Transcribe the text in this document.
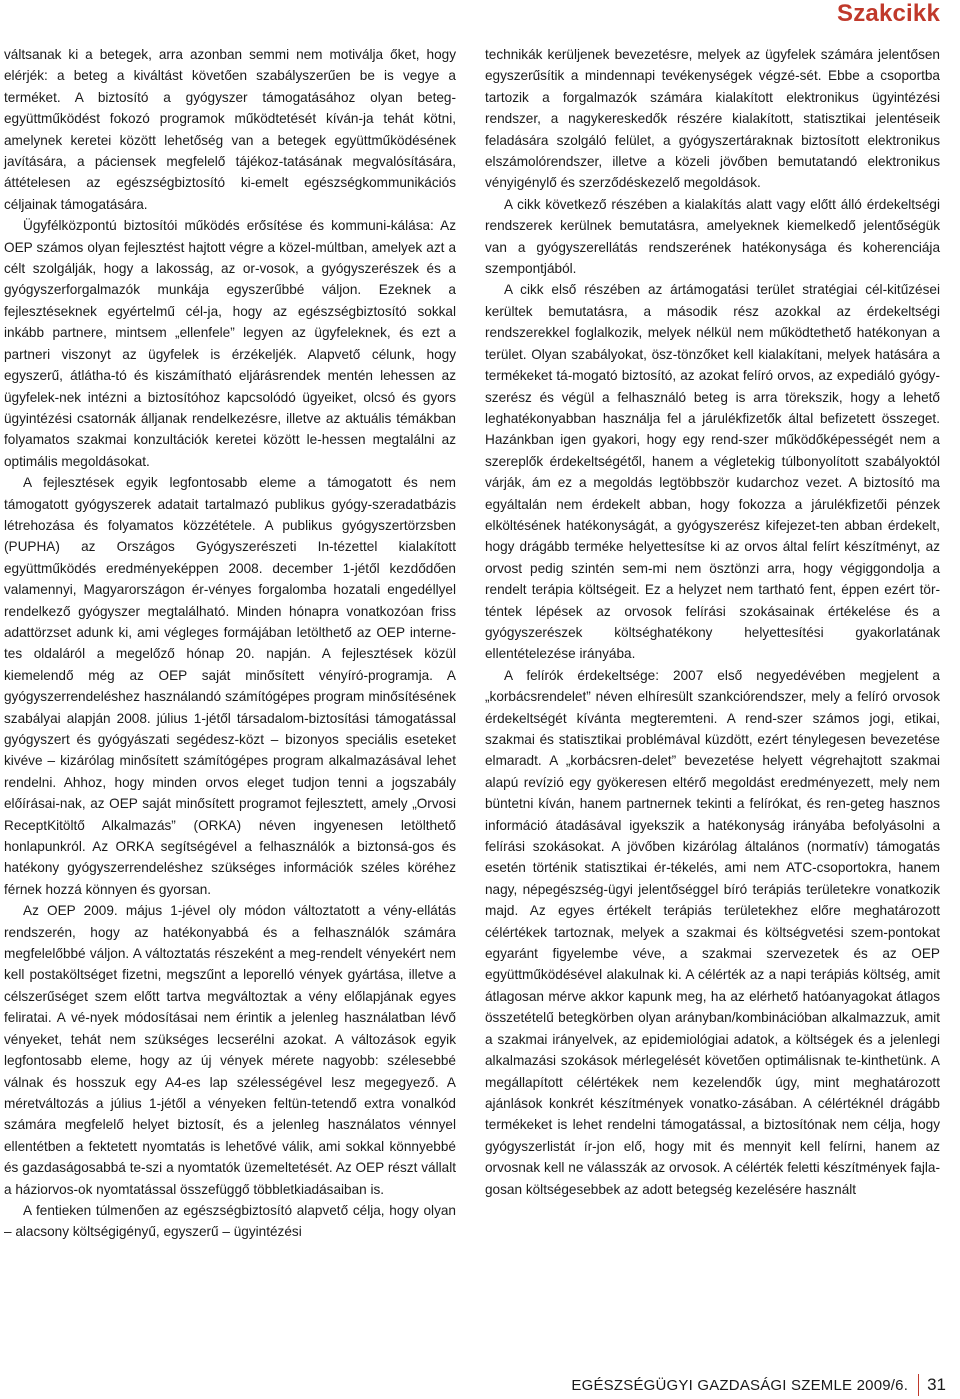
Szakcikk

váltsanak ki a betegek, arra azonban semmi nem motiválja őket, hogy elérjék: a beteg a kiváltást követően szabályszerűen be is vegye a terméket. A biztosító a gyógyszer támogatásához olyan beteg-együttműködést fokozó programok működtetését kíván-ja tehát kötni, amelynek keretei között lehetőség van a betegek együttműködésének javítására, a páciensek megfelelő tájékoz-tatásának megvalósítására, áttételesen az egészségbiztosító ki-emelt egészségkommunikációs céljainak támogatására.

Ügyfélközpontú biztosítói működés erősítése és kommuni-kálása: Az OEP számos olyan fejlesztést hajtott végre a közel-múltban, amelyek azt a célt szolgálják, hogy a lakosság, az or-vosok, a gyógyszerészek és a gyógyszerforgalmazók munkája egyszerűbbé váljon. Ezeknek a fejlesztéseknek egyértelmű cél-ja, hogy az egészségbiztosító sokkal inkább partnere, mintsem „ellenfele” legyen az ügyfeleknek, és ezt a partneri viszonyt az ügyfelek is érzékeljék. Alapvető célunk, hogy egyszerű, átlátha-tó és kiszámítható eljárásrendek mentén lehessen az ügyfelek-nek intézni a biztosítóhoz kapcsolódó ügyeiket, olcsó és gyors ügyintézési csatornák álljanak rendelkezésre, illetve az aktuális témákban folyamatos szakmai konzultációk keretei között le-hessen megtalálni az optimális megoldásokat.

A fejlesztések egyik legfontosabb eleme a támogatott és nem támogatott gyógyszerek adatait tartalmazó publikus gyógy-szeradatbázis létrehozása és folyamatos közzététele. A publikus gyógyszertörzsben (PUPHA) az Országos Gyógyszerészeti In-tézettel kialakított együttműködés eredményeképpen 2008. december 1-jétől kezdődően valamennyi, Magyarországon ér-vényes forgalomba hozatali engedéllyel rendelkező gyógyszer megtalálható. Minden hónapra vonatkozóan friss adattörzset adunk ki, ami végleges formájában letölthető az OEP interne-tes oldaláról a megelőző hónap 20. napján. A fejlesztések közül kiemelendő még az OEP saját minősített vényíró-programja. A gyógyszerrendeléshez használandó számítógépes program minősítésének szabályai alapján 2008. július 1-jétől társadalom-biztosítási támogatással gyógyszert és gyógyászati segédesz-közt – bizonyos speciális eseteket kivéve – kizárólag minősített számítógépes program alkalmazásával lehet rendelni. Ahhoz, hogy minden orvos eleget tudjon tenni a jogszabály előírásai-nak, az OEP saját minősített programot fejlesztett, amely „Orvosi ReceptKitöltő Alkalmazás” (ORKA) néven ingyenesen letölthető honlapunkról. Az ORKA segítségével a felhasználók a biztonsá-gos és hatékony gyógyszerrendeléshez szükséges információk széles köréhez férnek hozzá könnyen és gyorsan.

Az OEP 2009. május 1-jével oly módon változtatott a vény-ellátás rendszerén, hogy az hatékonyabbá és a felhasználók számára megfelelőbbé váljon. A változtatás részeként a meg-rendelt vényekért nem kell postaköltséget fizetni, megszűnt a leporelló vények gyártása, illetve a célszerűséget szem előtt tartva megváltoztak a vény előlapjának egyes feliratai. A vé-nyek módosításai nem érintik a jelenleg használatban lévő vényeket, tehát nem szükséges lecserélni azokat. A változások egyik legfontosabb eleme, hogy az új vények mérete nagyobb: szélesebbé válnak és hosszuk egy A4-es lap szélességével lesz megegyező. A méretváltozás a július 1-jétől a vényeken feltün-tetendő extra vonalkód számára megfelelő helyet biztosít, és a jelenleg használatos vénnyel ellentétben a fektetett nyomtatás is lehetővé válik, ami sokkal könnyebbé és gazdaságosabbá te-szi a nyomtatók üzemeltetését. Az OEP részt vállalt a háziorvos-ok nyomtatással összefüggő többletkiadásaiban is.

A fentieken túlmenően az egészségbiztosító alapvető célja, hogy olyan – alacsony költségigényű, egyszerű – ügyintézési

technikák kerüljenek bevezetésre, melyek az ügyfelek számára jelentősen egyszerűsítik a mindennapi tevékenységek végzé-sét. Ebbe a csoportba tartozik a forgalmazók számára kialakított elektronikus ügyintézési rendszer, a nagykereskedők részére kialakított, statisztikai jelentéseik feladására szolgáló felület, a gyógyszertáraknak biztosított elektronikus elszámolórendszer, illetve a közeli jövőben bemutatandó elektronikus vényigénylő és szerződéskezelő megoldások.

A cikk következő részében a kialakítás alatt vagy előtt álló érdekeltségi rendszerek kerülnek bemutatásra, amelyeknek kiemelkedő jelentőségük van a gyógyszerellátás rendszerének hatékonysága és koherenciája szempontjából.

A cikk első részében az ártámogatási terület stratégiai cél-kitűzései kerültek bemutatásra, a második rész azokkal az érdekeltségi rendszerekkel foglalkozik, melyek nélkül nem működtethető hatékonyan a terület. Olyan szabályokat, ösz-tönzőket kell kialakítani, melyek hatására a termékeket tá-mogató biztosító, az azokat felíró orvos, az expediáló gyógy-szerész és végül a felhasználó beteg is arra törekszik, hogy a lehető leghatékonyabban használja fel a járulékfizetők által befizetett összeget. Hazánkban igen gyakori, hogy egy rend-szer működőképességét nem a szereplők érdekeltségétől, hanem a végletekig túlbonyolított szabályoktól várják, ám ez a megoldás legtöbbször kudarchoz vezet. A biztosító ma egyáltalán nem érdekelt abban, hogy fokozza a járulékfizetői pénzek elköltésének hatékonyságát, a gyógyszerész kifejezet-ten abban érdekelt, hogy drágább terméke helyettesítse ki az orvos által felírt készítményt, az orvost pedig szintén sem-mi nem ösztönzi arra, hogy végiggondolja a rendelt terápia költségeit. Ez a helyzet nem tartható fent, éppen ezért tör-téntek lépések az orvosok felírási szokásainak értékelése és a gyógyszerészek költséghatékony helyettesítési gyakorlatának ellentételezése irányába.

A felírók érdekeltsége: 2007 első negyedévében megjelent a „korbácsrendelet” néven elhíresült szankciórendszer, mely a felíró orvosok érdekeltségét kívánta megteremteni. A rend-szer számos jogi, etikai, szakmai és statisztikai problémával küzdött, ezért ténylegesen bevezetése elmaradt. A „korbácsren-delet” bevezetése helyett végrehajtott szakmai alapú revízió egy gyökeresen eltérő megoldást eredményezett, mely nem büntetni kíván, hanem partnernek tekinti a felírókat, és ren-geteg hasznos információ átadásával igyekszik a hatékonyság irányába befolyásolni a felírási szokásokat. A jövőben kizárólag általános (normatív) támogatás esetén történik statisztikai ér-tékelés, ami nem ATC-csoportokra, hanem nagy, népegészség-ügyi jelentőséggel bíró terápiás területekre vonatkozik majd. Az egyes értékelt terápiás területekhez előre meghatározott célértékek tartoznak, melyek a szakmai és költségvetési szem-pontokat egyaránt figyelembe véve, a szakmai szervezetek és az OEP együttműködésével alakulnak ki. A célérték az a napi terápiás költség, amit átlagosan mérve akkor kapunk meg, ha az elérhető hatóanyagokat átlagos összetételű betegkörben olyan arányban/kombinációban alkalmazzuk, amit a szakmai irányelvek, az epidemiológiai adatok, a költségek és a jelenlegi alkalmazási szokások mérlegelését követően optimálisnak te-kinthetünk. A megállapított célértékek nem kezelendők úgy, mint meghatározott ajánlások konkrét készítmények vonatko-zásában. A célértéknél drágább termékeket is lehet rendelni támogatással, a biztosítónak nem célja, hogy gyógyszerlistát ír-jon elő, hogy mit és mennyit kell felírni, hanem az orvosnak kell ne válasszák az orvosok. A célérték feletti készítmények fajla-gosan költségesebbek az adott betegség kezelésére használt

EGÉSZSÉGÜGYI GAZDASÁGI SZEMLE 2009/6. 31
